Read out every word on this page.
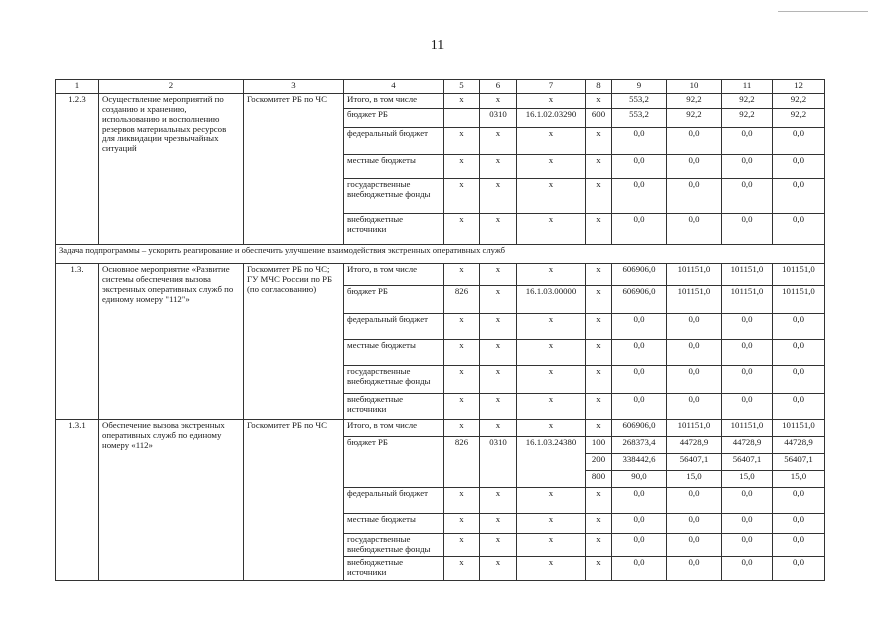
11
1	2	3	4	5	6	7	8	9	10	11	12
1.2.3	Осуществление мероприятий по созданию и хранению, использованию и восполнению резервов материальных ресурсов для ликвидации чрезвычайных ситуаций	Госкомитет РБ по ЧС	Итого, в том числе	х	х	х	х	553,2	92,2	92,2	92,2
			бюджет РБ		0310	16.1.02.03290	600	553,2	92,2	92,2	92,2
			федеральный бюджет	х	х	х	х	0,0	0,0	0,0	0,0
			местные бюджеты	х	х	х	х	0,0	0,0	0,0	0,0
			государственные внебюджетные фонды	х	х	х	х	0,0	0,0	0,0	0,0
			внебюджетные источники	х	х	х	х	0,0	0,0	0,0	0,0
Задача подпрограммы – ускорить реагирование и обеспечить улучшение взаимодействия экстренных оперативных служб											
1.3.	Основное мероприятие «Развитие системы обеспечения вызова экстренных оперативных служб по единому номеру "112"»	Госкомитет РБ по ЧС; ГУ МЧС России по РБ (по согласованию)	Итого, в том числе	х	х	х	х	606906,0	101151,0	101151,0	101151,0
			бюджет РБ	826	х	16.1.03.00000	х	606906,0	101151,0	101151,0	101151,0
			федеральный бюджет	х	х	х	х	0,0	0,0	0,0	0,0
			местные бюджеты	х	х	х	х	0,0	0,0	0,0	0,0
			государственные внебюджетные фонды	х	х	х	х	0,0	0,0	0,0	0,0
			внебюджетные источники	х	х	х	х	0,0	0,0	0,0	0,0
1.3.1	Обеспечение вызова экстренных оперативных служб по единому номеру «112»	Госкомитет РБ по ЧС	Итого, в том числе	х	х	х	х	606906,0	101151,0	101151,0	101151,0
			бюджет РБ	826	0310	16.1.03.24380	100	268373,4	44728,9	44728,9	44728,9
							200	338442,6	56407,1	56407,1	56407,1
							800	90,0	15,0	15,0	15,0
			федеральный бюджет	х	х	х	х	0,0	0,0	0,0	0,0
			местные бюджеты	х	х	х	х	0,0	0,0	0,0	0,0
			государственные внебюджетные фонды	х	х	х	х	0,0	0,0	0,0	0,0
			внебюджетные источники	х	х	х	х	0,0	0,0	0,0	0,0
